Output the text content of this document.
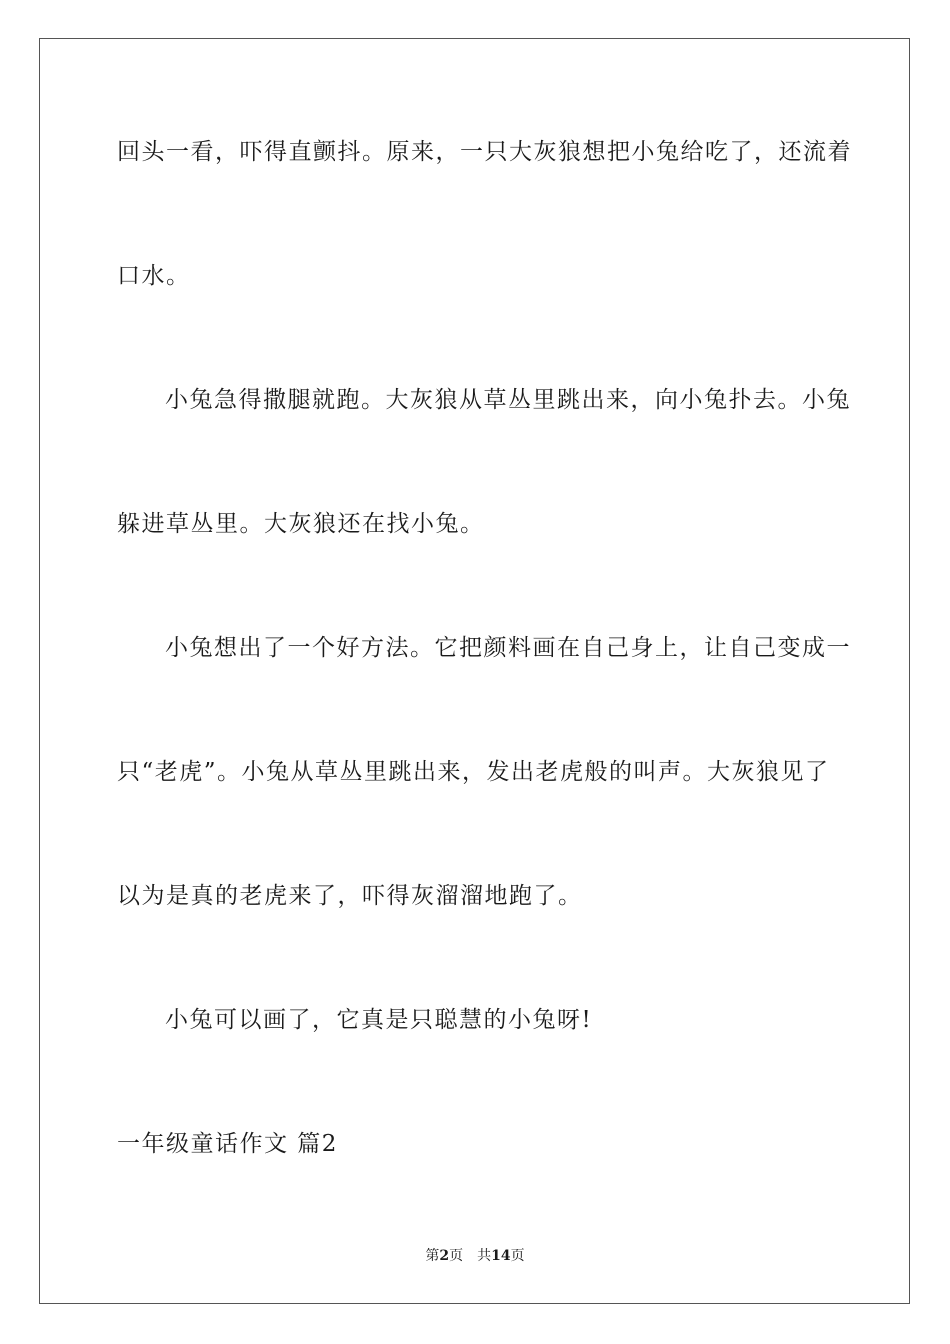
回头一看，吓得直颤抖。原来，一只大灰狼想把小兔给吃了，还流着

口水。

小兔急得撒腿就跑。大灰狼从草丛里跳出来，向小兔扑去。小兔

躲进草丛里。大灰狼还在找小兔。

小兔想出了一个好方法。它把颜料画在自己身上，让自己变成一

只“老虎”。小兔从草丛里跳出来，发出老虎般的叫声。大灰狼见了

以为是真的老虎来了，吓得灰溜溜地跑了。

小兔可以画了，它真是只聪慧的小兔呀!

一年级童话作文 篇2

第2页 共14页
